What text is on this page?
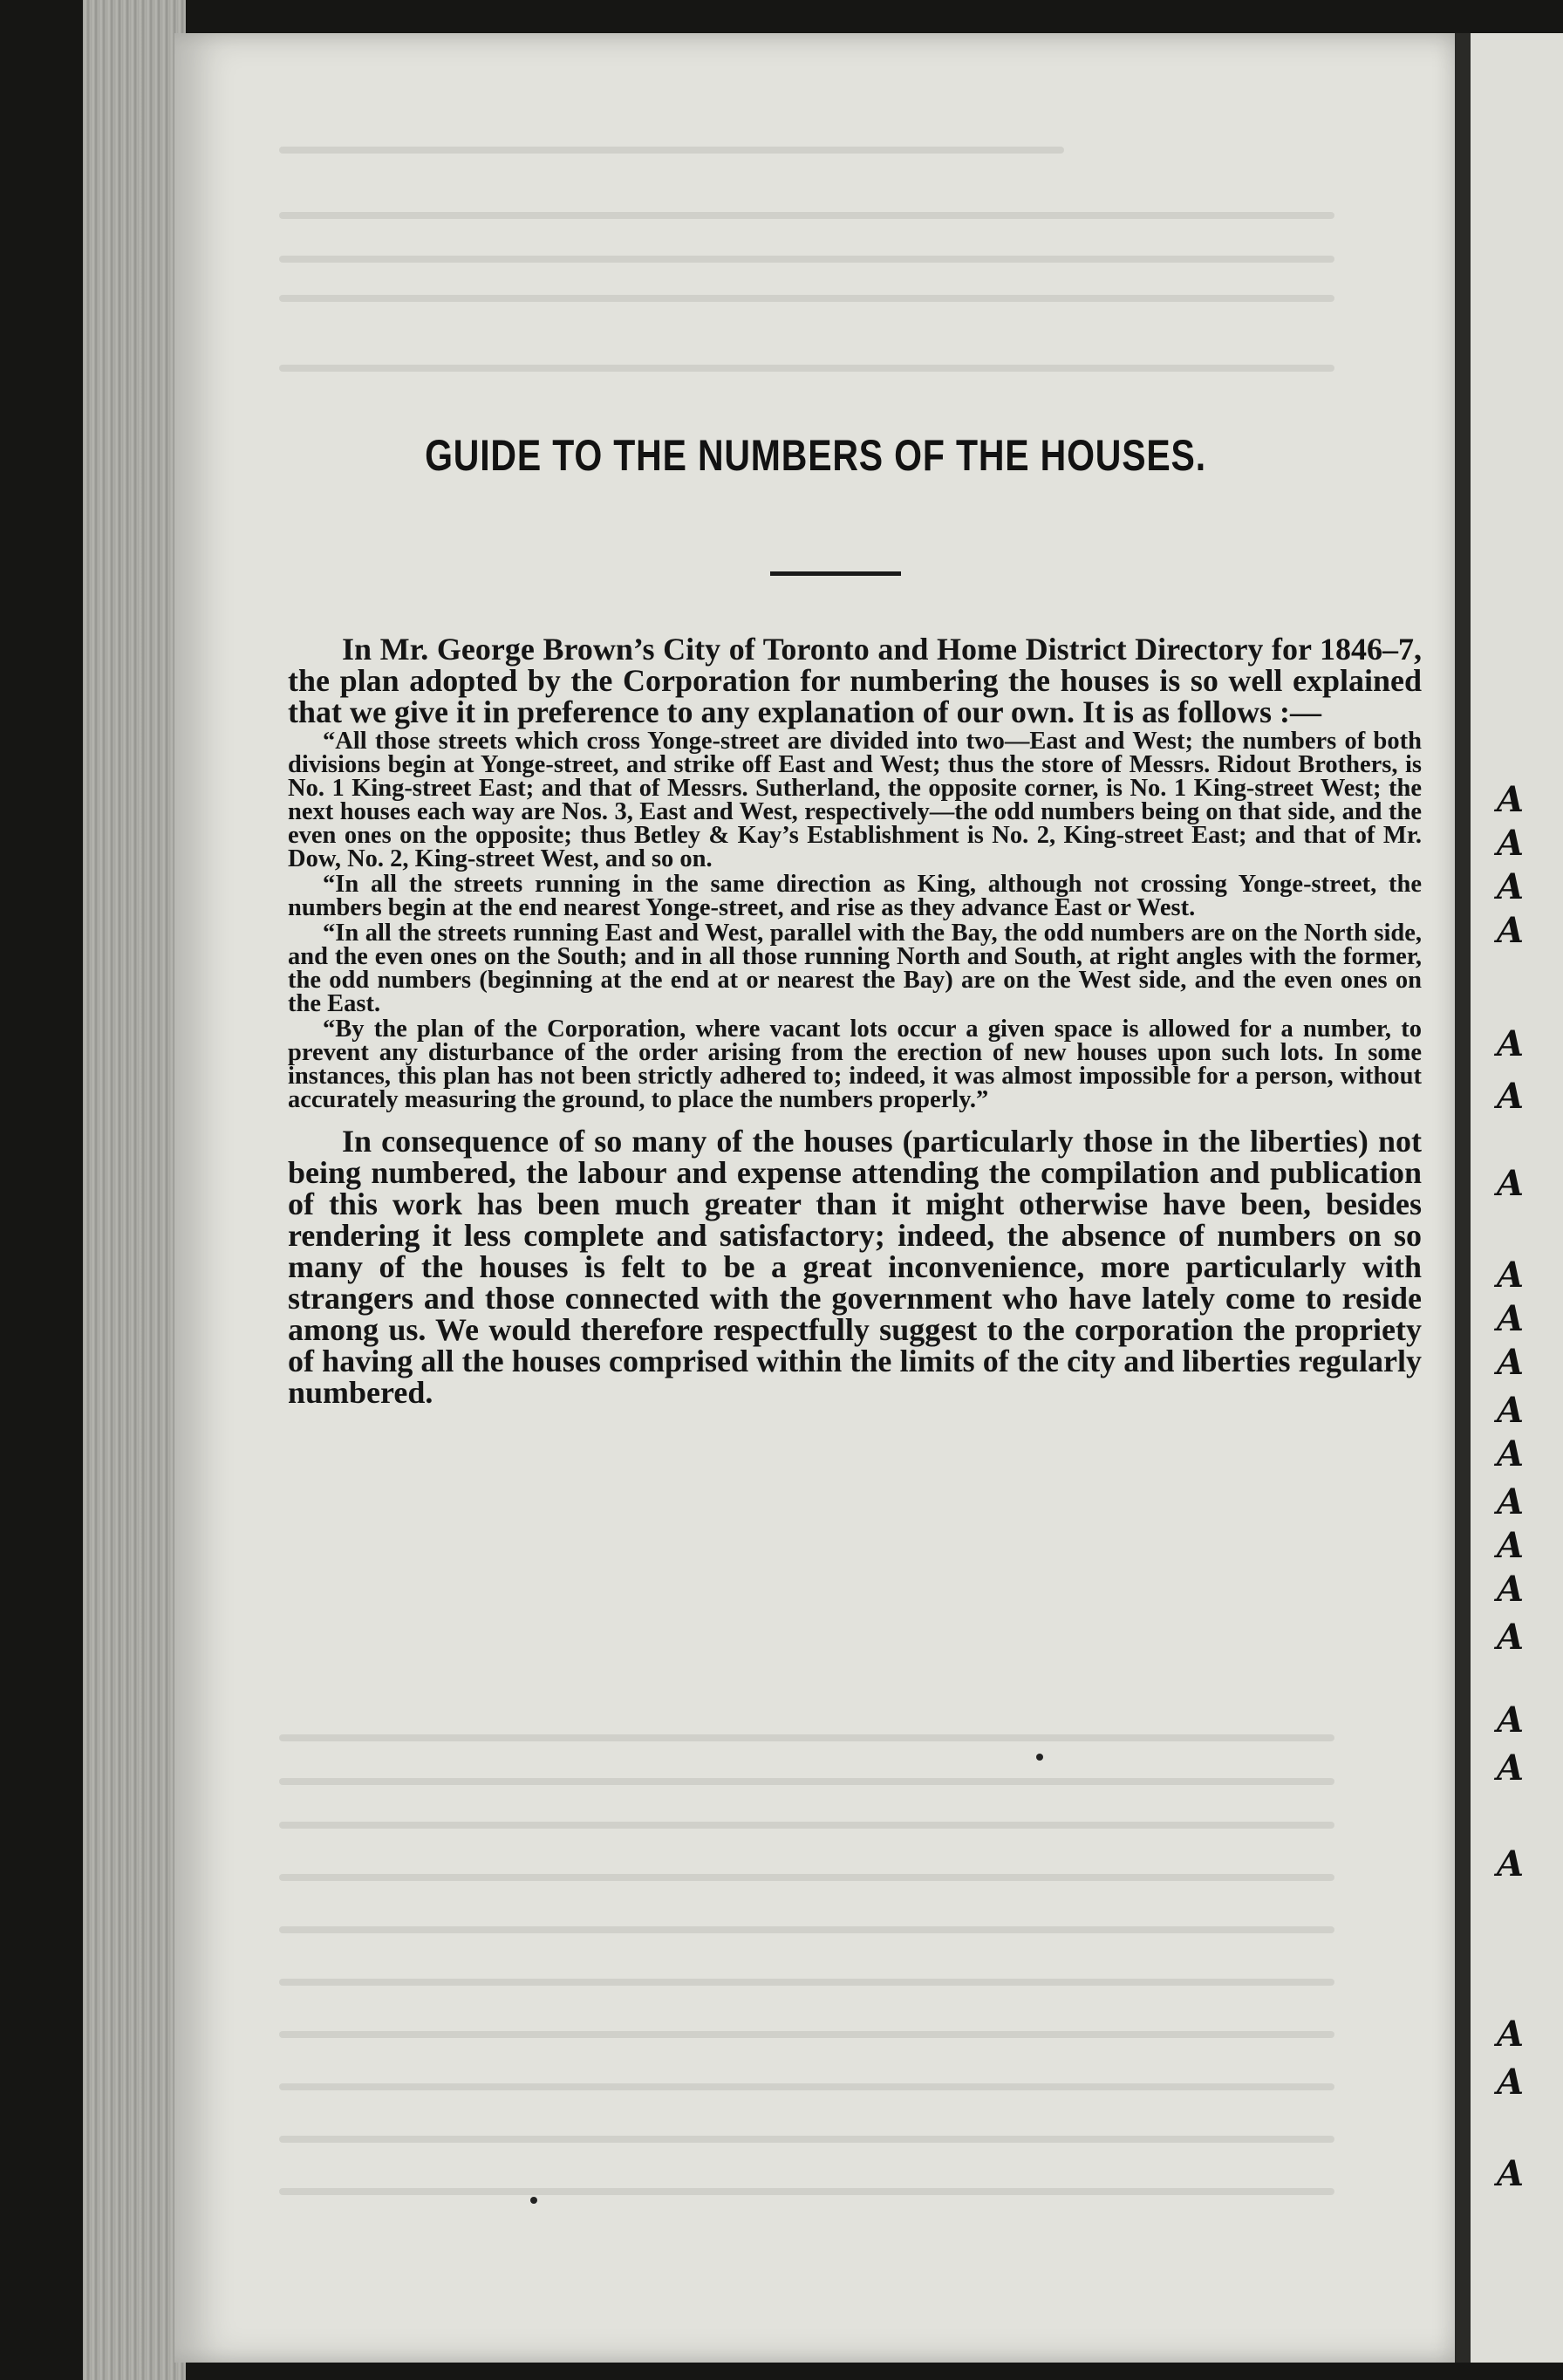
GUIDE TO THE NUMBERS OF THE HOUSES.

In Mr. George Brown’s City of Toronto and Home District Directory for 1846–7, the plan adopted by the Corporation for numbering the houses is so well explained that we give it in preference to any explanation of our own. It is as follows :—

“All those streets which cross Yonge-street are divided into two—East and West; the numbers of both divisions begin at Yonge-street, and strike off East and West; thus the store of Messrs. Ridout Brothers, is No. 1 King-street East; and that of Messrs. Sutherland, the opposite corner, is No. 1 King-street West; the next houses each way are Nos. 3, East and West, respectively—the odd numbers being on that side, and the even ones on the opposite; thus Betley & Kay’s Establishment is No. 2, King-street East; and that of Mr. Dow, No. 2, King-street West, and so on.

“In all the streets running in the same direction as King, although not crossing Yonge-street, the numbers begin at the end nearest Yonge-street, and rise as they advance East or West.

“In all the streets running East and West, parallel with the Bay, the odd numbers are on the North side, and the even ones on the South; and in all those running North and South, at right angles with the former, the odd numbers (beginning at the end at or nearest the Bay) are on the West side, and the even ones on the East.

“By the plan of the Corporation, where vacant lots occur a given space is allowed for a number, to prevent any disturbance of the order arising from the erection of new houses upon such lots. In some instances, this plan has not been strictly adhered to; indeed, it was almost impossible for a person, without accurately measuring the ground, to place the numbers properly.”

In consequence of so many of the houses (particularly those in the liberties) not being numbered, the labour and expense attending the compilation and publication of this work has been much greater than it might otherwise have been, besides rendering it less complete and satisfactory; indeed, the absence of numbers on so many of the houses is felt to be a great inconvenience, more particularly with strangers and those connected with the government who have lately come to reside among us. We would therefore respectfully suggest to the corporation the propriety of having all the houses comprised within the limits of the city and liberties regularly numbered.

A
A
A
A
A
A
A
A
A
A
A
A
A
A
A
A
A
A
A
A
A
A
